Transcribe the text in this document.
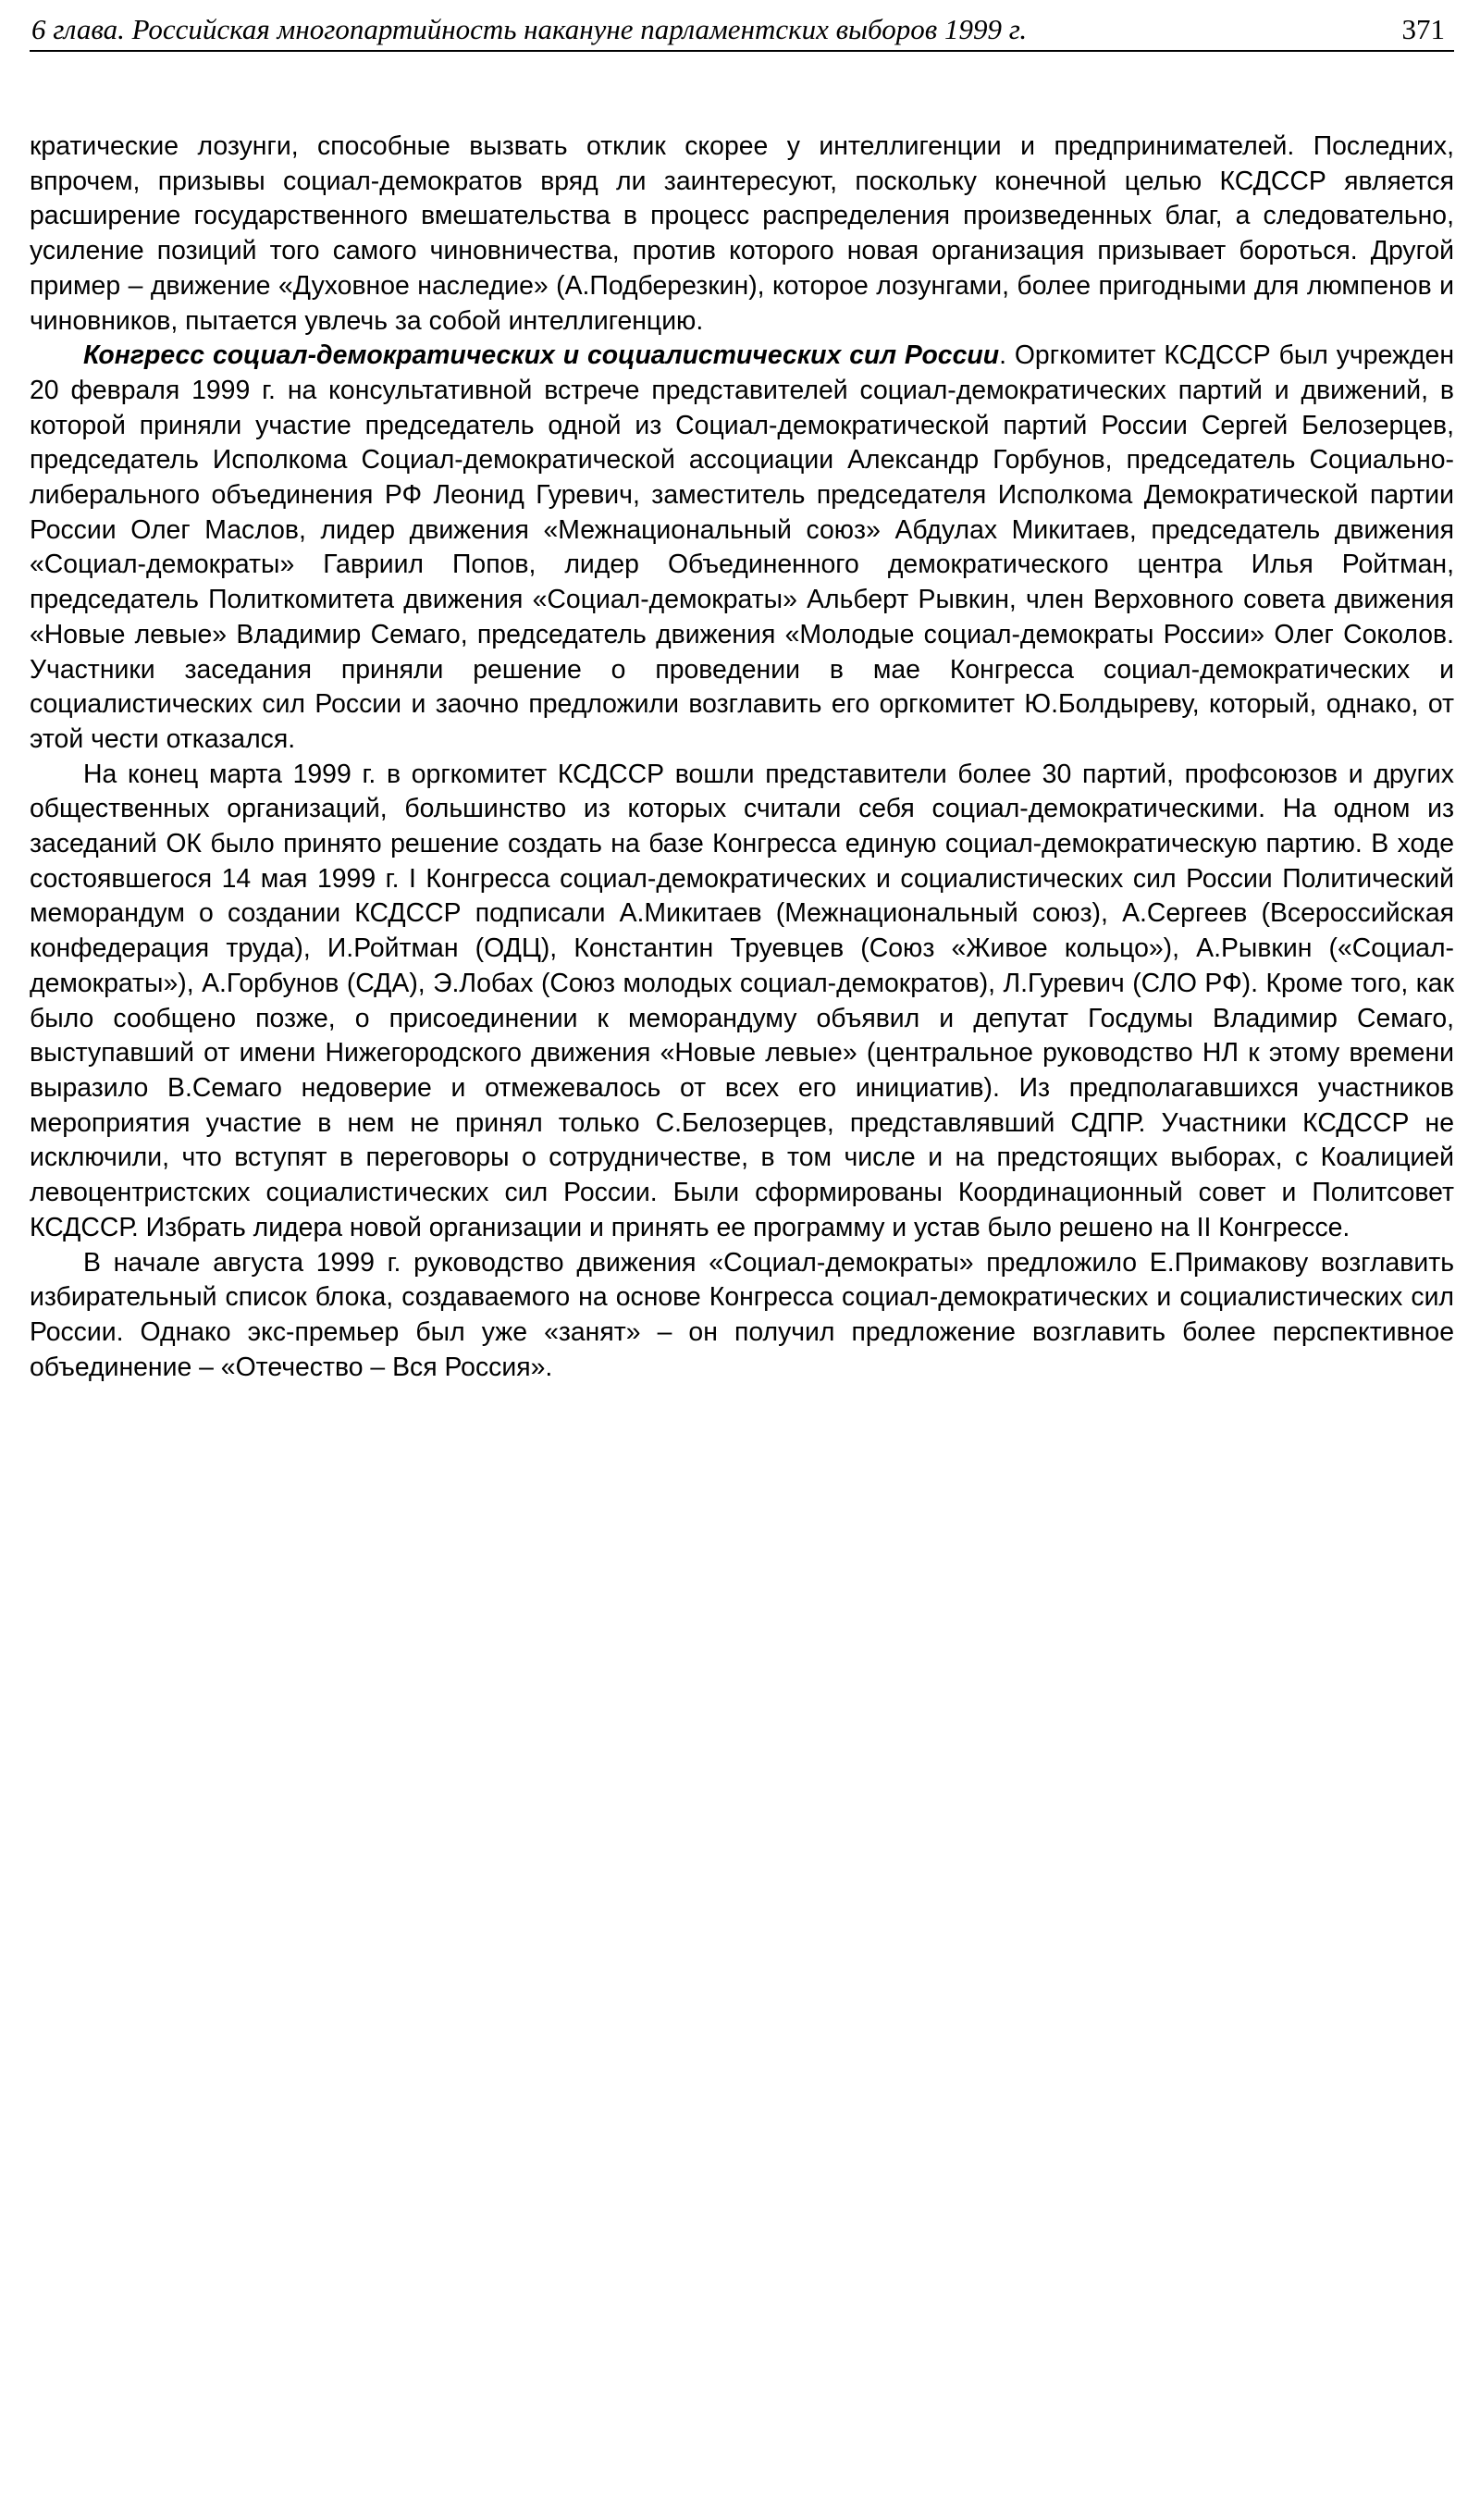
6 глава. Российская многопартийность накануне парламентских выборов 1999 г.	371

кратические лозунги, способные вызвать отклик скорее у интеллигенции и предпринимателей. Последних, впрочем, призывы социал-демократов вряд ли заинтересуют, поскольку конечной целью КСДССР является расширение государственного вмешательства в процесс распределения произведенных благ, а следовательно, усиление позиций того самого чиновничества, против которого новая организация призывает бороться. Другой пример – движение «Духовное наследие» (А.Подберезкин), которое лозунгами, более пригодными для люмпенов и чиновников, пытается увлечь за собой интеллигенцию.

Конгресс социал-демократических и социалистических сил России. Оргкомитет КСДССР был учрежден 20 февраля 1999 г. на консультативной встрече представителей социал-демократических партий и движений, в которой приняли участие председатель одной из Социал-демократической партий России Сергей Белозерцев, председатель Исполкома Социал-демократической ассоциации Александр Горбунов, председатель Социально-либерального объединения РФ Леонид Гуревич, заместитель председателя Исполкома Демократической партии России Олег Маслов, лидер движения «Межнациональный союз» Абдулах Микитаев, председатель движения «Социал-демократы» Гавриил Попов, лидер Объединенного демократического центра Илья Ройтман, председатель Политкомитета движения «Социал-демократы» Альберт Рывкин, член Верховного совета движения «Новые левые» Владимир Семаго, председатель движения «Молодые социал-демократы России» Олег Соколов. Участники заседания приняли решение о проведении в мае Конгресса социал-демократических и социалистических сил России и заочно предложили возглавить его оргкомитет Ю.Болдыреву, который, однако, от этой чести отказался.

На конец марта 1999 г. в оргкомитет КСДССР вошли представители более 30 партий, профсоюзов и других общественных организаций, большинство из которых считали себя социал-демократическими. На одном из заседаний ОК было принято решение создать на базе Конгресса единую социал-демократическую партию. В ходе состоявшегося 14 мая 1999 г. I Конгресса социал-демократических и социалистических сил России Политический меморандум о создании КСДССР подписали А.Микитаев (Межнациональный союз), А.Сергеев (Всероссийская конфедерация труда), И.Ройтман (ОДЦ), Константин Труевцев (Союз «Живое кольцо»), А.Рывкин («Социал-демократы»), А.Горбунов (СДА), Э.Лобах (Союз молодых социал-демократов), Л.Гуревич (СЛО РФ). Кроме того, как было сообщено позже, о присоединении к меморандуму объявил и депутат Госдумы Владимир Семаго, выступавший от имени Нижегородского движения «Новые левые» (центральное руководство НЛ к этому времени выразило В.Семаго недоверие и отмежевалось от всех его инициатив). Из предполагавшихся участников мероприятия участие в нем не принял только С.Белозерцев, представлявший СДПР. Участники КСДССР не исключили, что вступят в переговоры о сотрудничестве, в том числе и на предстоящих выборах, с Коалицией левоцентристских социалистических сил России. Были сформированы Координационный совет и Политсовет КСДССР. Избрать лидера новой организации и принять ее программу и устав было решено на II Конгрессе.

В начале августа 1999 г. руководство движения «Социал-демократы» предложило Е.Примакову возглавить избирательный список блока, создаваемого на основе Конгресса социал-демократических и социалистических сил России. Однако экс-премьер был уже «занят» – он получил предложение возглавить более перспективное объединение – «Отечество – Вся Россия».
